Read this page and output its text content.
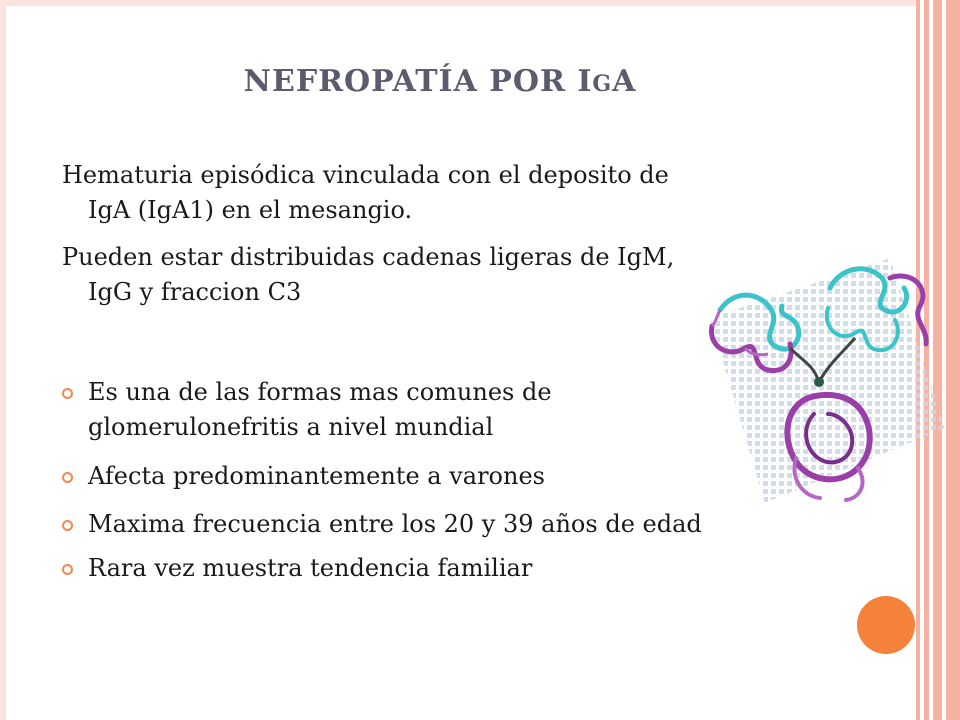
NEFROPATÍA POR IGA
Hematuria episódica vinculada con el deposito de
IgA (IgA1) en el mesangio.
Pueden estar distribuidas cadenas ligeras de IgM,
IgG y fraccion C3
Es una de las formas mas comunes de
glomerulonefritis a nivel mundial
Afecta predominantemente a varones
Maxima frecuencia entre los 20 y 39 años de edad
Rara vez muestra tendencia familiar
